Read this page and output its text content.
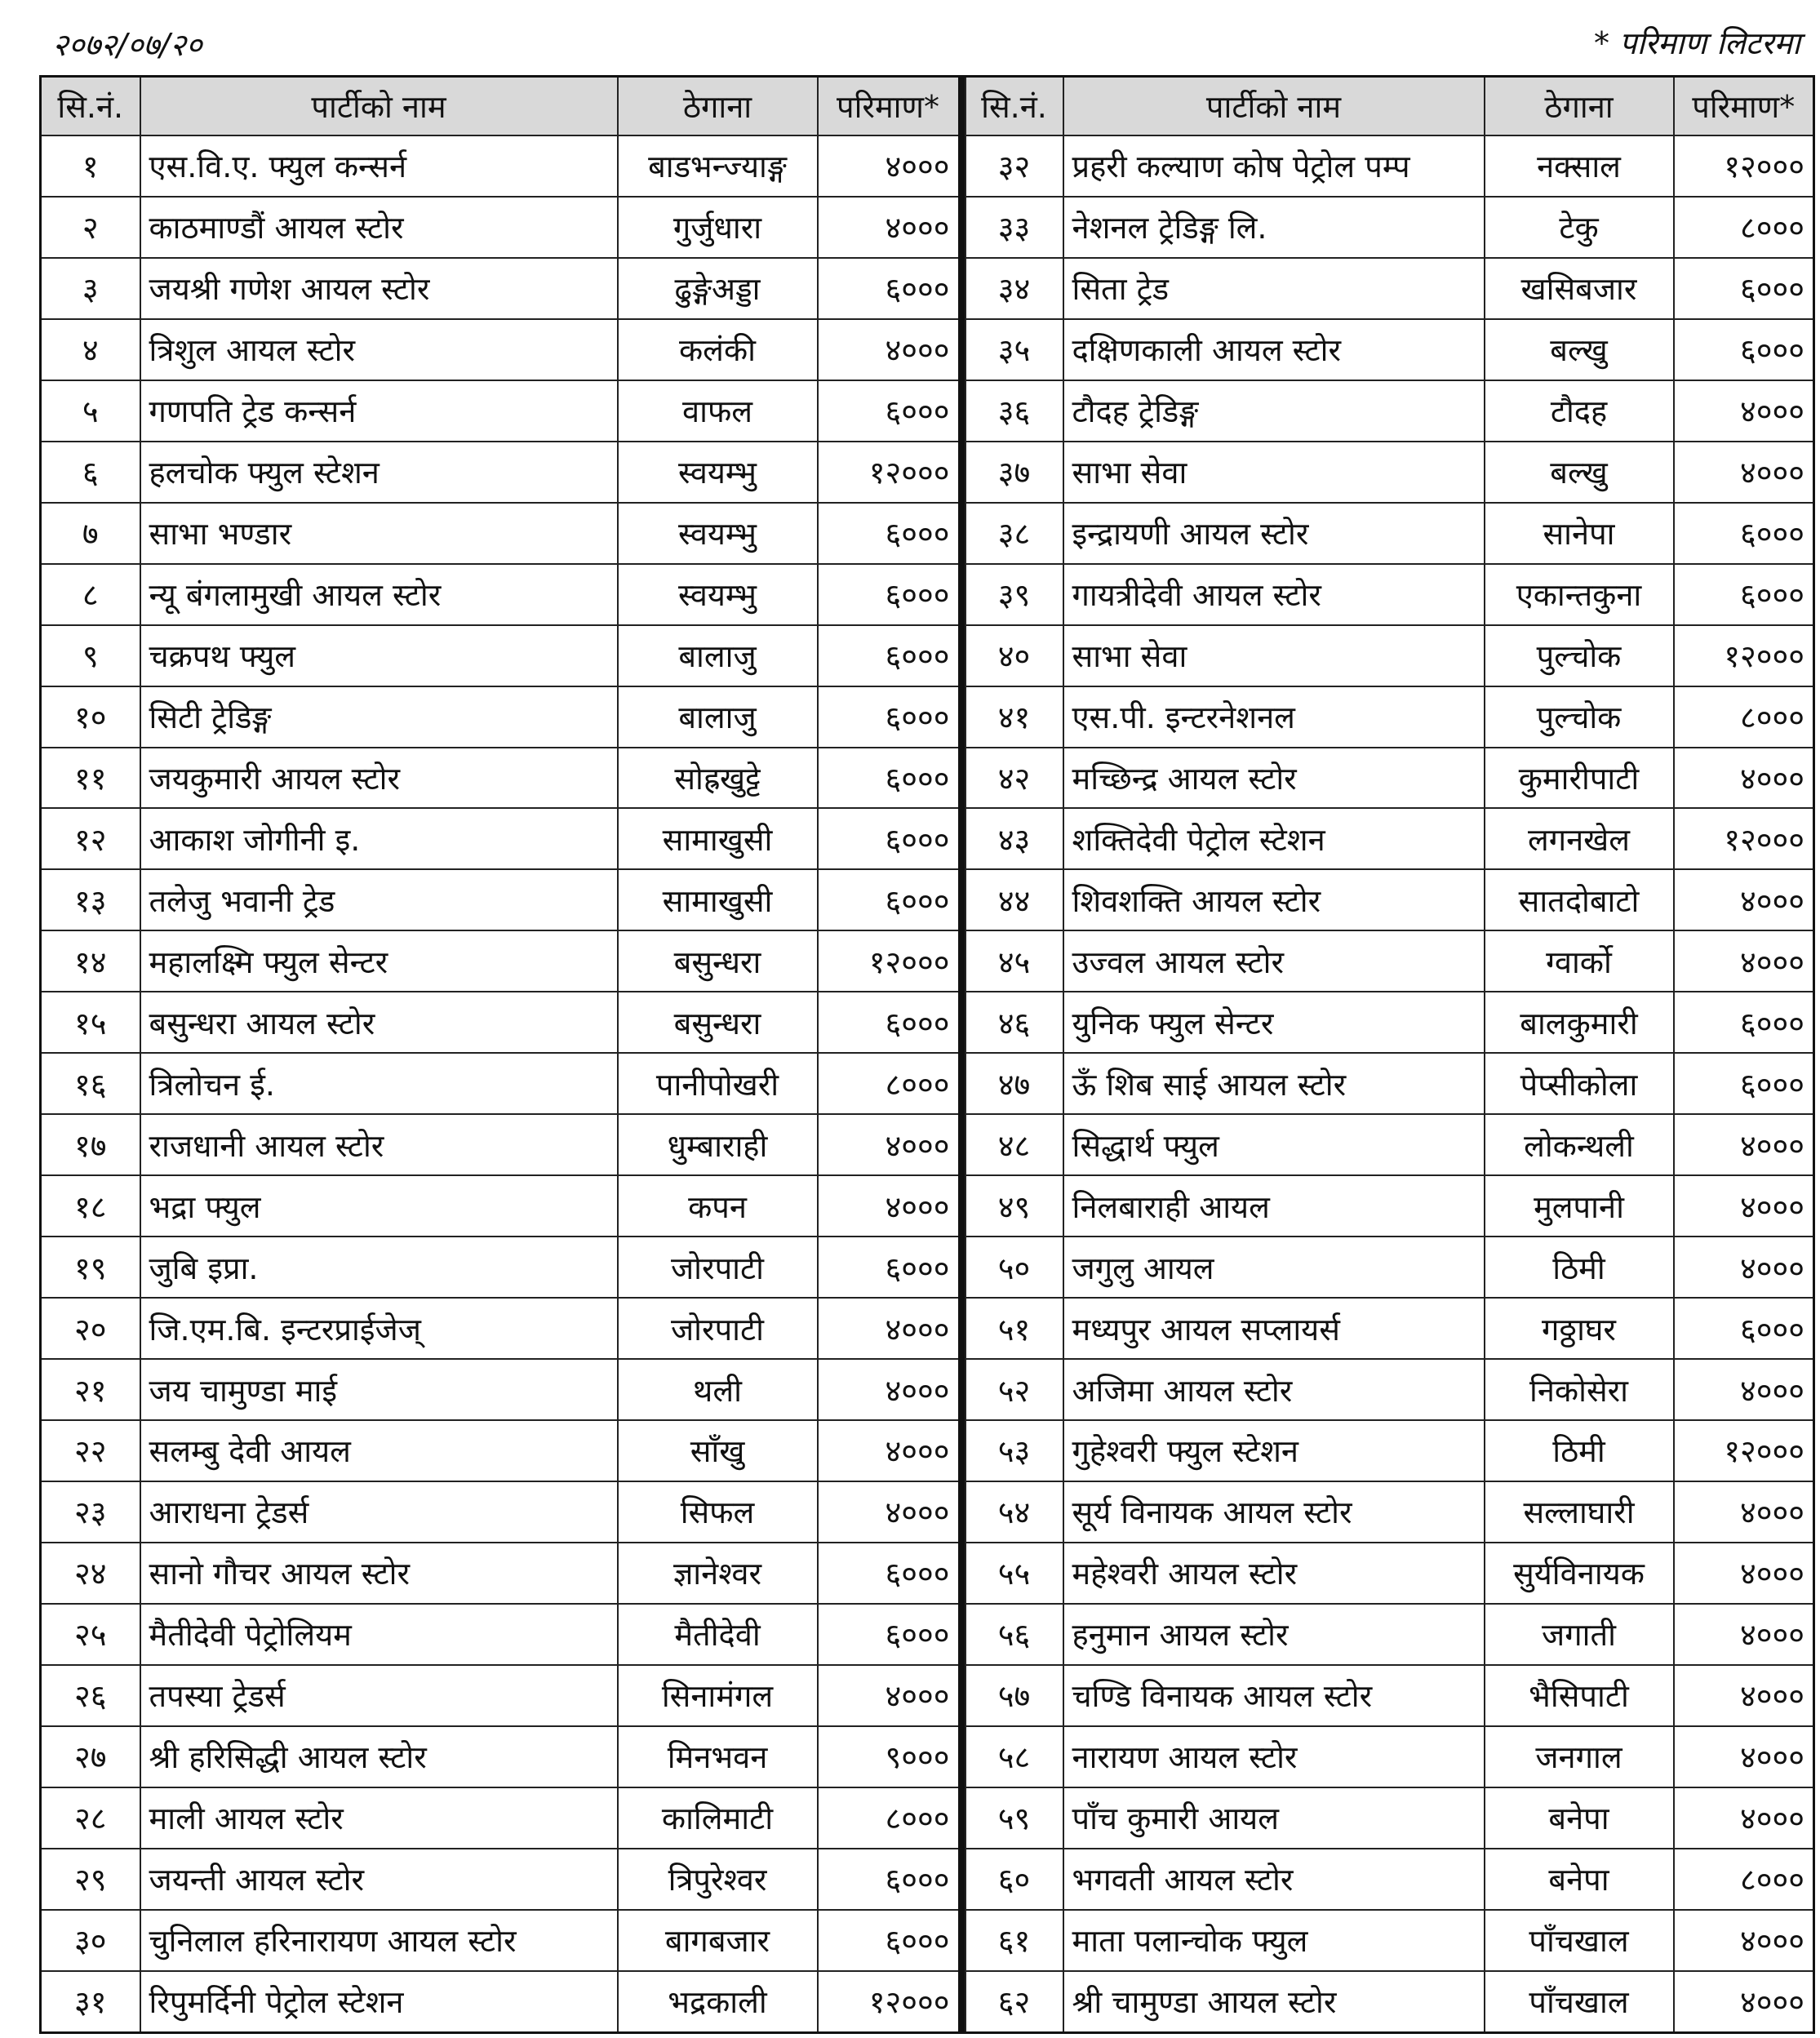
२०७२/०७/२०	* परिमाण लिटरमा
सि.नं.	पार्टीको नाम	ठेगाना	परिमाण*
१	एस.वि.ए. फ्युल कन्सर्न	बाडभन्ज्याङ्ग	४०००
२	काठमाण्डौं आयल स्टोर	गुर्जुधारा	४०००
३	जयश्री गणेश आयल स्टोर	ढुङ्गेअड्डा	६०००
४	त्रिशुल आयल स्टोर	कलंकी	४०००
५	गणपति ट्रेड कन्सर्न	वाफल	६०००
६	हलचोक फ्युल स्टेशन	स्वयम्भु	१२०००
७	साभा भण्डार	स्वयम्भु	६०००
८	न्यू बंगलामुखी आयल स्टोर	स्वयम्भु	६०००
९	चक्रपथ फ्युल	बालाजु	६०००
१०	सिटी ट्रेडिङ्ग	बालाजु	६०००
११	जयकुमारी आयल स्टोर	सोह्रखुट्टे	६०००
१२	आकाश जोगीनी इ.	सामाखुसी	६०००
१३	तलेजु भवानी ट्रेड	सामाखुसी	६०००
१४	महालक्ष्मि फ्युल सेन्टर	बसुन्धरा	१२०००
१५	बसुन्धरा आयल स्टोर	बसुन्धरा	६०००
१६	त्रिलोचन ई.	पानीपोखरी	८०००
१७	राजधानी आयल स्टोर	धुम्बाराही	४०००
१८	भद्रा फ्युल	कपन	४०००
१९	जुबि इप्रा.	जोरपाटी	६०००
२०	जि.एम.बि. इन्टरप्राईजेज्	जोरपाटी	४०००
२१	जय चामुण्डा माई	थली	४०००
२२	सलम्बु देवी आयल	साँखु	४०००
२३	आराधना ट्रेडर्स	सिफल	४०००
२४	सानो गौचर आयल स्टोर	ज्ञानेश्वर	६०००
२५	मैतीदेवी पेट्रोलियम	मैतीदेवी	६०००
२६	तपस्या ट्रेडर्स	सिनामंगल	४०००
२७	श्री हरिसिद्धी आयल स्टोर	मिनभवन	९०००
२८	माली आयल स्टोर	कालिमाटी	८०००
२९	जयन्ती आयल स्टोर	त्रिपुरेश्वर	६०००
३०	चुनिलाल हरिनारायण आयल स्टोर	बागबजार	६०००
३१	रिपुमर्दिनी पेट्रोल स्टेशन	भद्रकाली	१२०००
सि.नं.	पार्टीको नाम	ठेगाना	परिमाण*
३२	प्रहरी कल्याण कोष पेट्रोल पम्प	नक्साल	१२०००
३३	नेशनल ट्रेडिङ्ग लि.	टेकु	८०००
३४	सिता ट्रेड	खसिबजार	६०००
३५	दक्षिणकाली आयल स्टोर	बल्खु	६०००
३६	टौदह ट्रेडिङ्ग	टौदह	४०००
३७	साभा सेवा	बल्खु	४०००
३८	इन्द्रायणी आयल स्टोर	सानेपा	६०००
३९	गायत्रीदेवी आयल स्टोर	एकान्तकुना	६०००
४०	साभा सेवा	पुल्चोक	१२०००
४१	एस.पी. इन्टरनेशनल	पुल्चोक	८०००
४२	मच्छिन्द्र आयल स्टोर	कुमारीपाटी	४०००
४३	शक्तिदेवी पेट्रोल स्टेशन	लगनखेल	१२०००
४४	शिवशक्ति आयल स्टोर	सातदोबाटो	४०००
४५	उज्वल आयल स्टोर	ग्वार्को	४०००
४६	युनिक फ्युल सेन्टर	बालकुमारी	६०००
४७	ऊँ शिब साई आयल स्टोर	पेप्सीकोला	६०००
४८	सिद्धार्थ फ्युल	लोकन्थली	४०००
४९	निलबाराही आयल	मुलपानी	४०००
५०	जगुलु आयल	ठिमी	४०००
५१	मध्यपुर आयल सप्लायर्स	गठ्ठाघर	६०००
५२	अजिमा आयल स्टोर	निकोसेरा	४०००
५३	गुहेश्वरी फ्युल स्टेशन	ठिमी	१२०००
५४	सूर्य विनायक आयल स्टोर	सल्लाघारी	४०००
५५	महेश्वरी आयल स्टोर	सुर्यविनायक	४०००
५६	हनुमान आयल स्टोर	जगाती	४०००
५७	चण्डि विनायक आयल स्टोर	भैसिपाटी	४०००
५८	नारायण आयल स्टोर	जनगाल	४०००
५९	पाँच कुमारी आयल	बनेपा	४०००
६०	भगवती आयल स्टोर	बनेपा	८०००
६१	माता पलान्चोक फ्युल	पाँचखाल	४०००
६२	श्री चामुण्डा आयल स्टोर	पाँचखाल	४०००
